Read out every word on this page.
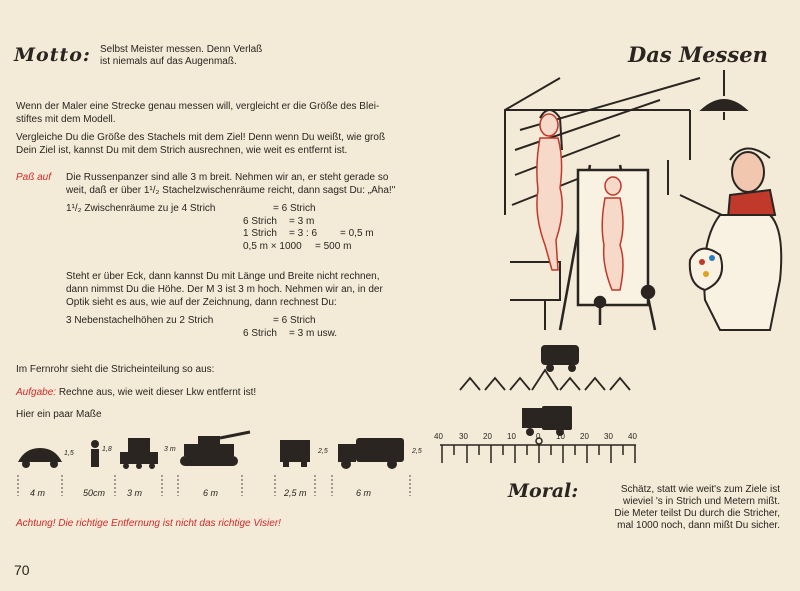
Motto: Selbst Meister messen. Denn Verlaß
ist niemals auf das Augenmaß.	Das Messen
Wenn der Maler eine Strecke genau messen will, vergleicht er die Größe des Blei-
stiftes mit dem Modell.
Vergleiche Du die Größe des Stachels mit dem Ziel! Denn wenn Du weißt, wie groß
Dein Ziel ist, kannst Du mit dem Strich ausrechnen, wie weit es entfernt ist.
Paß auf Die Russenpanzer sind alle 3 m breit. Nehmen wir an, er steht gerade so
weit, daß er über 1¹/₂ Stachelzwischenräume reicht, dann sagst Du: „Aha!"
1¹/₂ Zwischenräume zu je 4 Strich	= 6 Strich
6 Strich = 3 m
1 Strich = 3 : 6 = 0,5 m
0,5 m × 1000 = 500 m
Steht er über Eck, dann kannst Du mit Länge und Breite nicht rechnen,
dann nimmst Du die Höhe. Der M 3 ist 3 m hoch. Nehmen wir an, in der
Optik sieht es aus, wie auf der Zeichnung, dann rechnest Du:
3 Nebenstachelhöhen zu 2 Strich	= 6 Strich
6 Strich = 3 m usw.
Im Fernrohr sieht die Stricheinteilung so aus:
Aufgabe: Rechne aus, wie weit dieser Lkw entfernt ist!
Hier ein paar Maße
40 30 20 10	0 10 20 30 40
4 m
1,5
50cm
1,8
3 m
3 m
6 m	2,5 m
2,5
6 m
2,5
Achtung! Die richtige Entfernung ist nicht das richtige Visier!
Moral:	Schätz, statt wie weit's zum Ziele ist
wieviel 's in Strich und Metern mißt.
Die Meter teilst Du durch die Stricher,
mal 1000 noch, dann mißt Du sicher.
70
